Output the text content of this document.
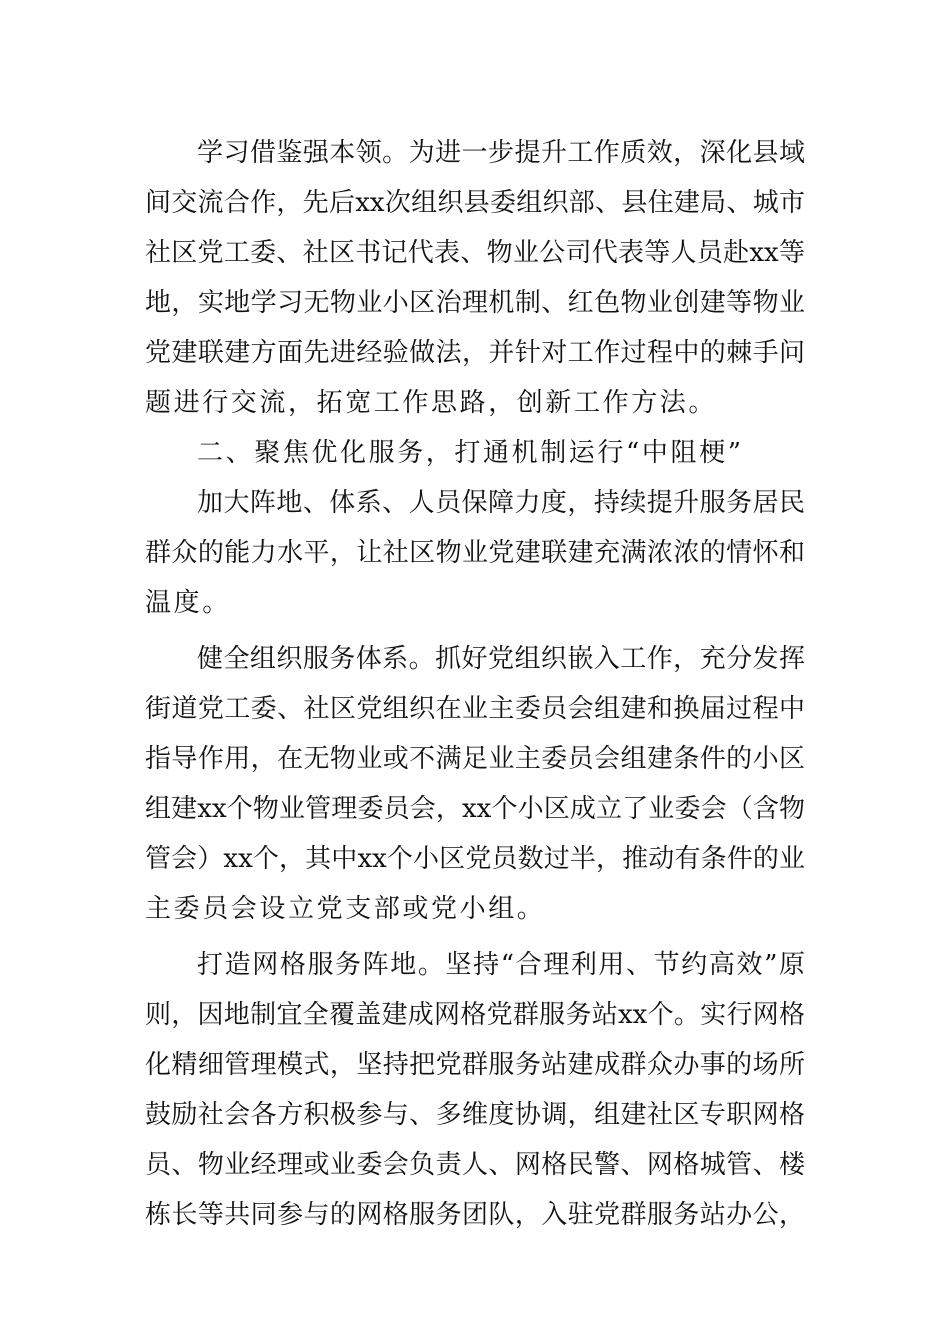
学习借鉴强本领。为进一步提升工作质效，深化县域
间交流合作，先后xx次组织县委组织部、县住建局、城市
社区党工委、社区书记代表、物业公司代表等人员赴xx等
地，实地学习无物业小区治理机制、红色物业创建等物业
党建联建方面先进经验做法，并针对工作过程中的棘手问
题进行交流，拓宽工作思路，创新工作方法。
二、聚焦优化服务，打通机制运行“中阻梗”
加大阵地、体系、人员保障力度，持续提升服务居民
群众的能力水平，让社区物业党建联建充满浓浓的情怀和
温度。
健全组织服务体系。抓好党组织嵌入工作，充分发挥
街道党工委、社区党组织在业主委员会组建和换届过程中
指导作用，在无物业或不满足业主委员会组建条件的小区
组建xx个物业管理委员会，xx个小区成立了业委会（含物
管会）xx个，其中xx个小区党员数过半，推动有条件的业
主委员会设立党支部或党小组。
打造网格服务阵地。坚持“合理利用、节约高效”原
则，因地制宜全覆盖建成网格党群服务站xx个。实行网格
化精细管理模式，坚持把党群服务站建成群众办事的场所
鼓励社会各方积极参与、多维度协调，组建社区专职网格
员、物业经理或业委会负责人、网格民警、网格城管、楼
栋长等共同参与的网格服务团队，入驻党群服务站办公，
